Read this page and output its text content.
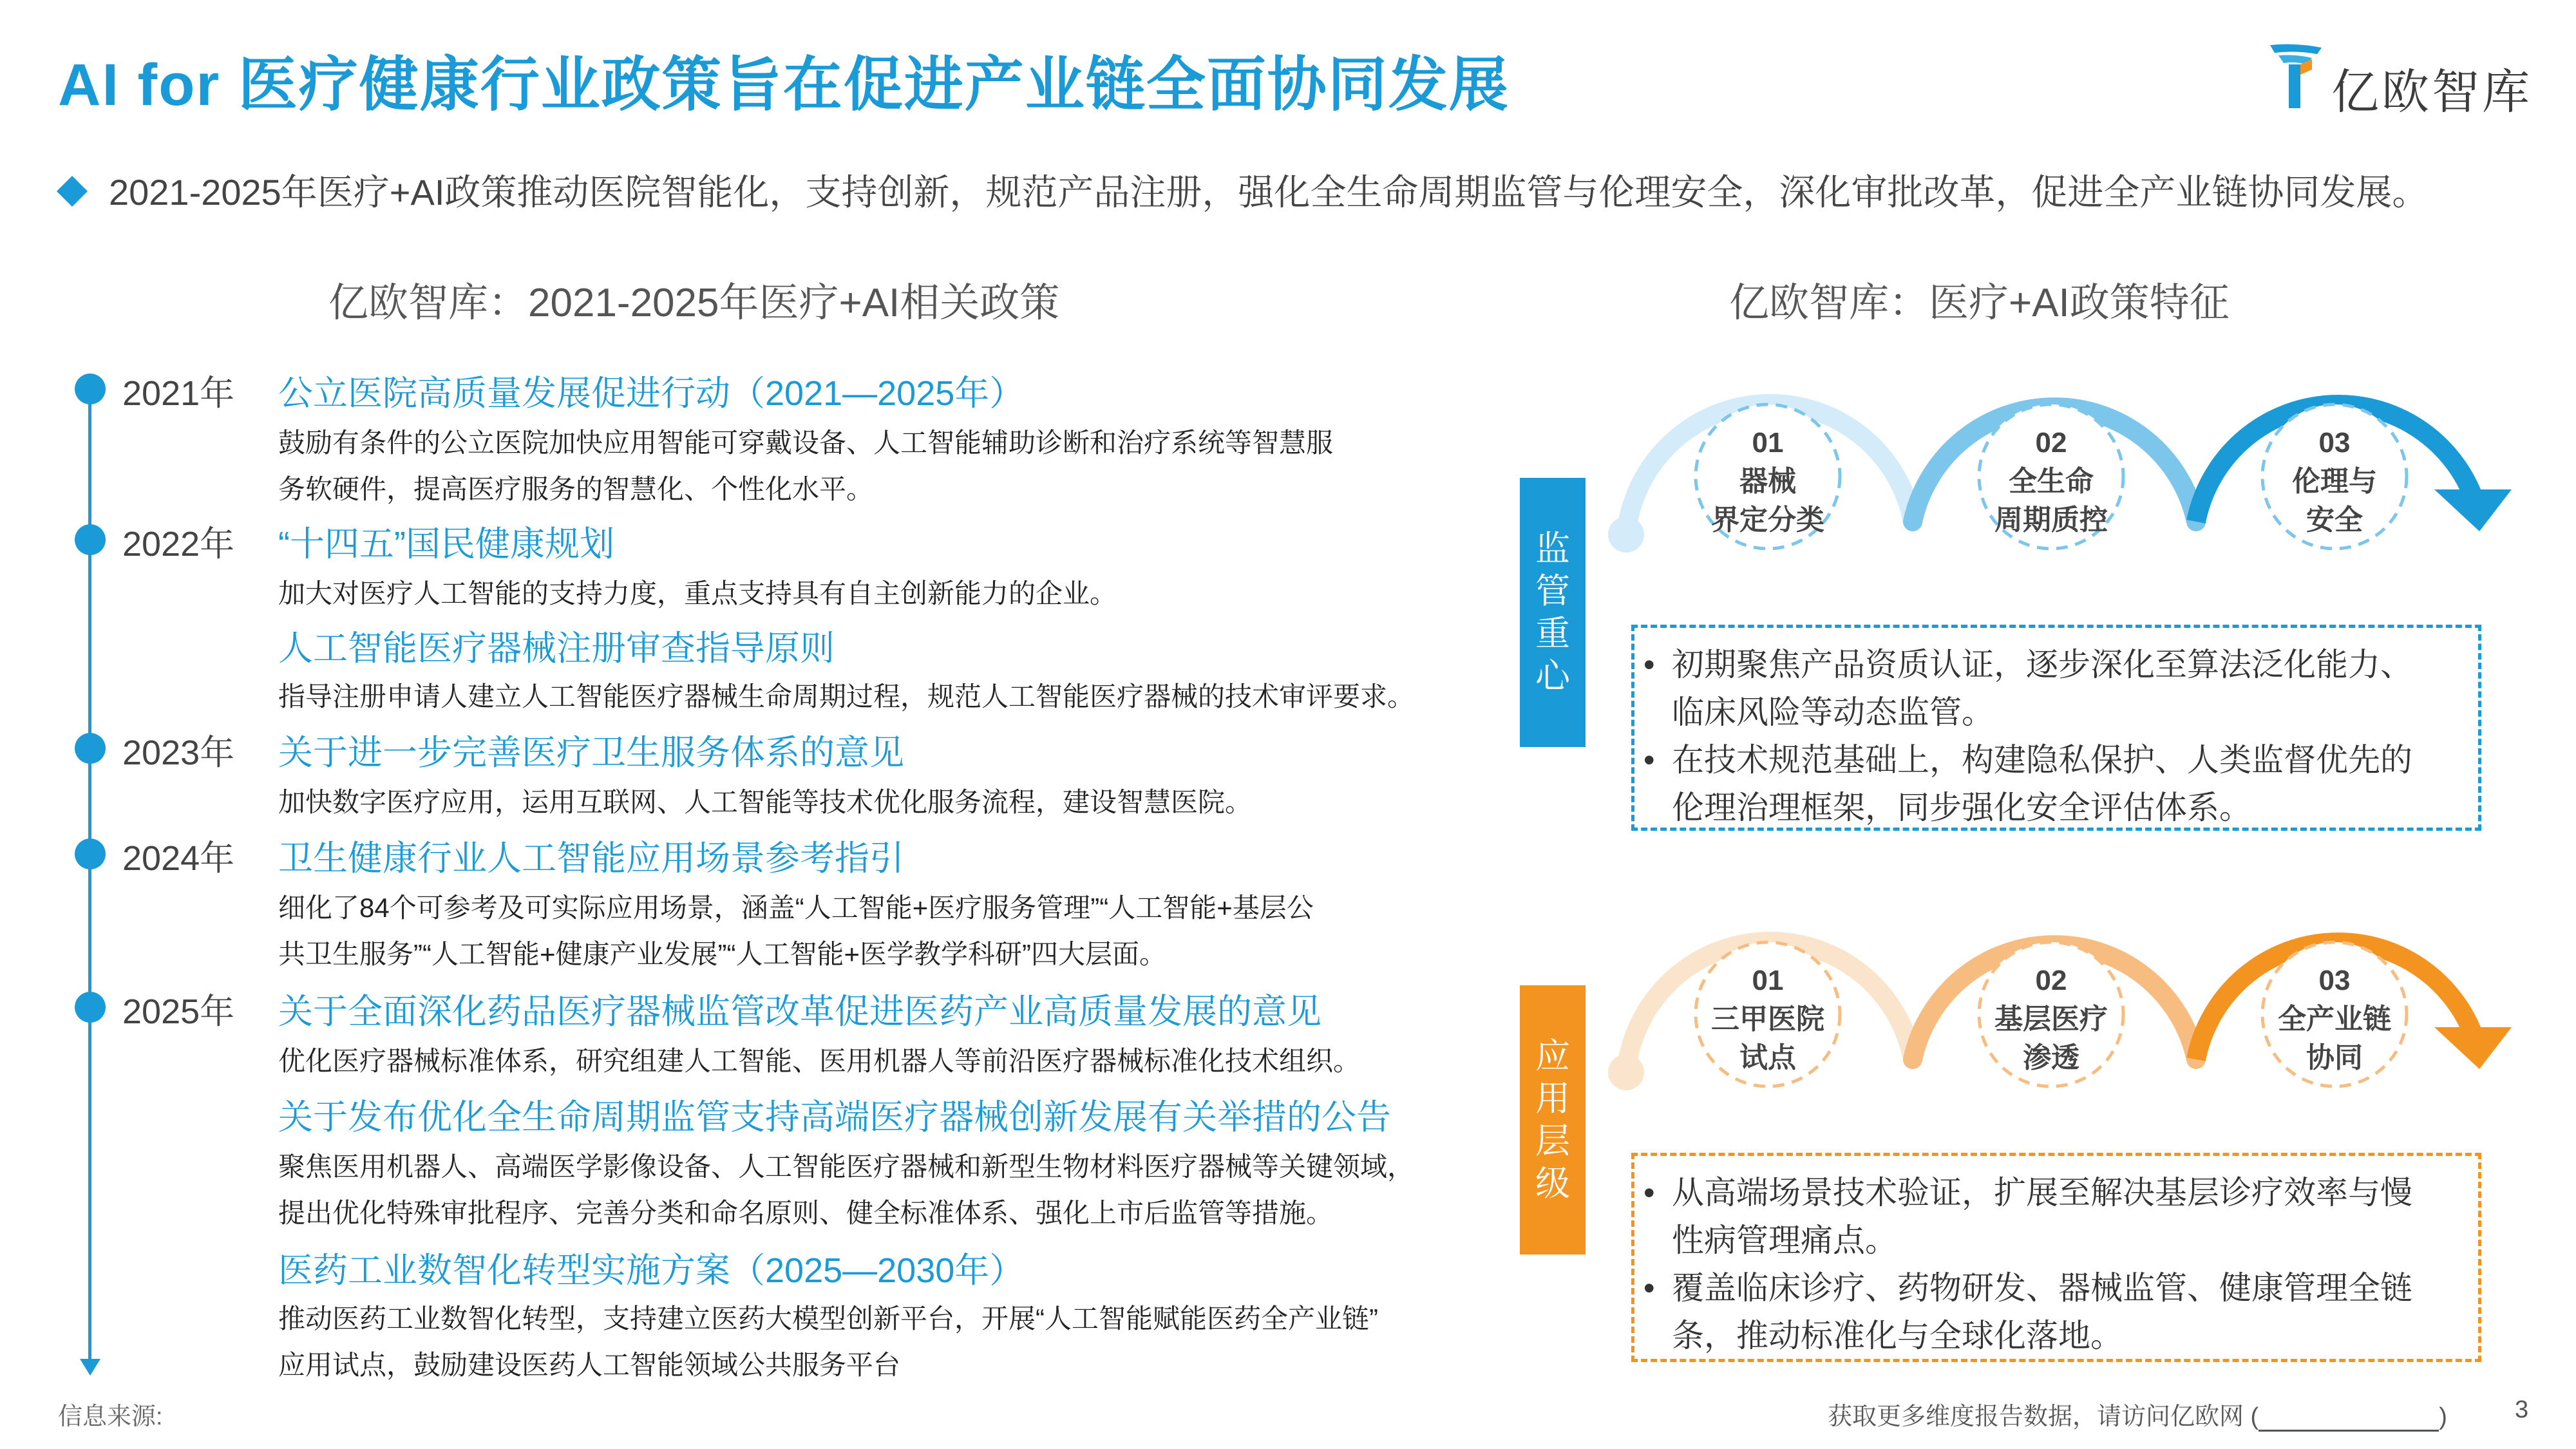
AI for 医疗健康行业政策旨在促进产业链全面协同发展	亿欧智库
2021-2025年医疗+AI政策推动医院智能化，支持创新，规范产品注册，强化全生命周期监管与伦理安全，深化审批改革，促进全产业链协同发展。
亿欧智库：2021-2025年医疗+AI相关政策
2021年 公立医院高质量发展促进行动（2021—2025年）
鼓励有条件的公立医院加快应用智能可穿戴设备、人工智能辅助诊断和治疗系统等智慧服
务软硬件，提高医疗服务的智慧化、个性化水平。
2022年 “十四五”国民健康规划
加大对医疗人工智能的支持力度，重点支持具有自主创新能力的企业。
人工智能医疗器械注册审查指导原则
指导注册申请人建立人工智能医疗器械生命周期过程，规范人工智能医疗器械的技术审评要求。
2023年 关于进一步完善医疗卫生服务体系的意见
加快数字医疗应用，运用互联网、人工智能等技术优化服务流程，建设智慧医院。
2024年 卫生健康行业人工智能应用场景参考指引
细化了84个可参考及可实际应用场景，涵盖“人工智能+医疗服务管理”“人工智能+基层公
共卫生服务”“人工智能+健康产业发展”“人工智能+医学教学科研”四大层面。
2025年 关于全面深化药品医疗器械监管改革促进医药产业高质量发展的意见
优化医疗器械标准体系，研究组建人工智能、医用机器人等前沿医疗器械标准化技术组织。
关于发布优化全生命周期监管支持高端医疗器械创新发展有关举措的公告
聚焦医用机器人、高端医学影像设备、人工智能医疗器械和新型生物材料医疗器械等关键领域，
提出优化特殊审批程序、完善分类和命名原则、健全标准体系、强化上市后监管等措施。
医药工业数智化转型实施方案（2025—2030年）
推动医药工业数智化转型，支持建立医药大模型创新平台，开展“人工智能赋能医药全产业链”
应用试点，鼓励建设医药人工智能领域公共服务平台
亿欧智库：医疗+AI政策特征
01
器械
界定分类
02
全生命
周期质控
03
伦理与
安全
监管重心	• 初期聚焦产品资质认证，逐步深化至算法泛化能力、
临床风险等动态监管。
• 在技术规范基础上，构建隐私保护、人类监督优先的
伦理治理框架，同步强化安全评估体系。
01
三甲医院
试点
02
基层医疗
渗透
03
全产业链
协同
应用层级	• 从高端场景技术验证，扩展至解决基层诊疗效率与慢
性病管理痛点。
• 覆盖临床诊疗、药物研发、器械监管、健康管理全链
条，推动标准化与全球化落地。
信息来源:	获取更多维度报告数据，请访问亿欧网 (	)	3
